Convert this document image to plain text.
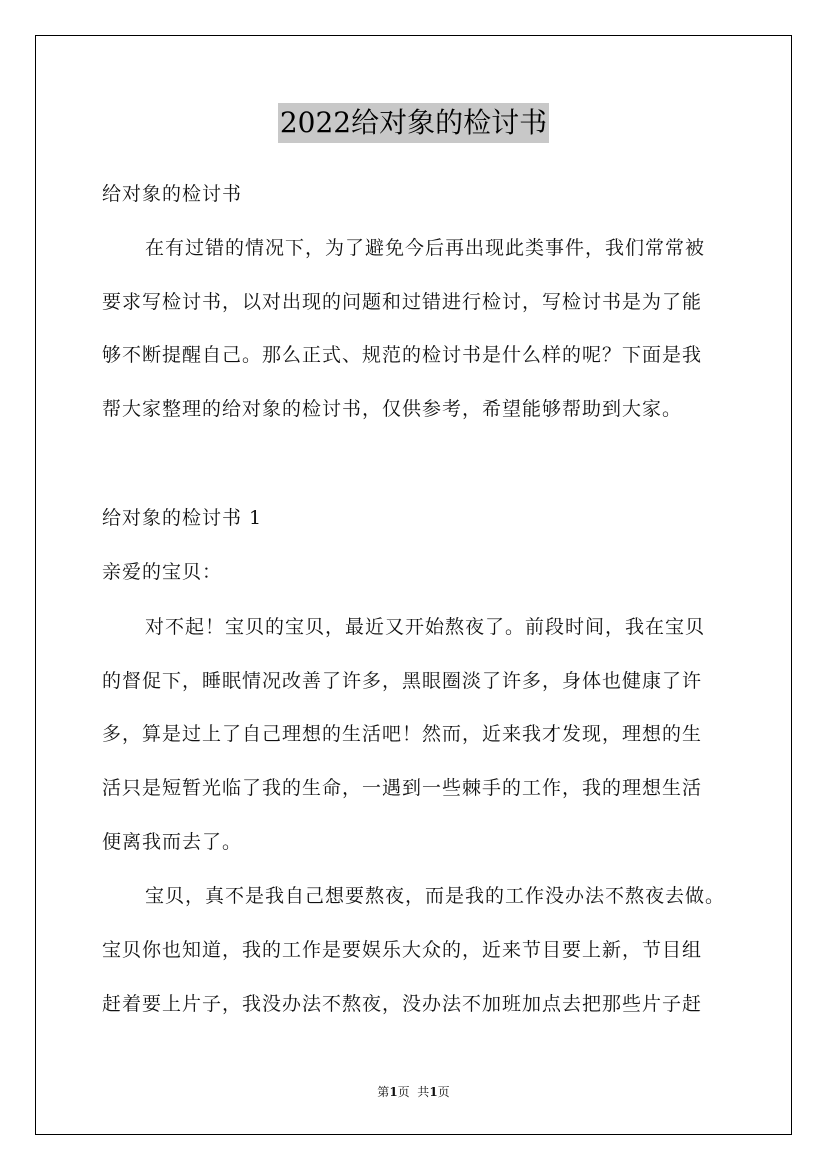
2022给对象的检讨书
给对象的检讨书
在有过错的情况下，为了避免今后再出现此类事件，我们常常被
要求写检讨书，以对出现的问题和过错进行检讨，写检讨书是为了能
够不断提醒自己。那么正式、规范的检讨书是什么样的呢？下面是我
帮大家整理的给对象的检讨书，仅供参考，希望能够帮助到大家。
给对象的检讨书 1
亲爱的宝贝：
对不起！宝贝的宝贝，最近又开始熬夜了。前段时间，我在宝贝
的督促下，睡眠情况改善了许多，黑眼圈淡了许多，身体也健康了许
多，算是过上了自己理想的生活吧！然而，近来我才发现，理想的生
活只是短暂光临了我的生命，一遇到一些棘手的工作，我的理想生活
便离我而去了。
宝贝，真不是我自己想要熬夜，而是我的工作没办法不熬夜去做。
宝贝你也知道，我的工作是要娱乐大众的，近来节目要上新，节目组
赶着要上片子，我没办法不熬夜，没办法不加班加点去把那些片子赶
第1页  共1页
